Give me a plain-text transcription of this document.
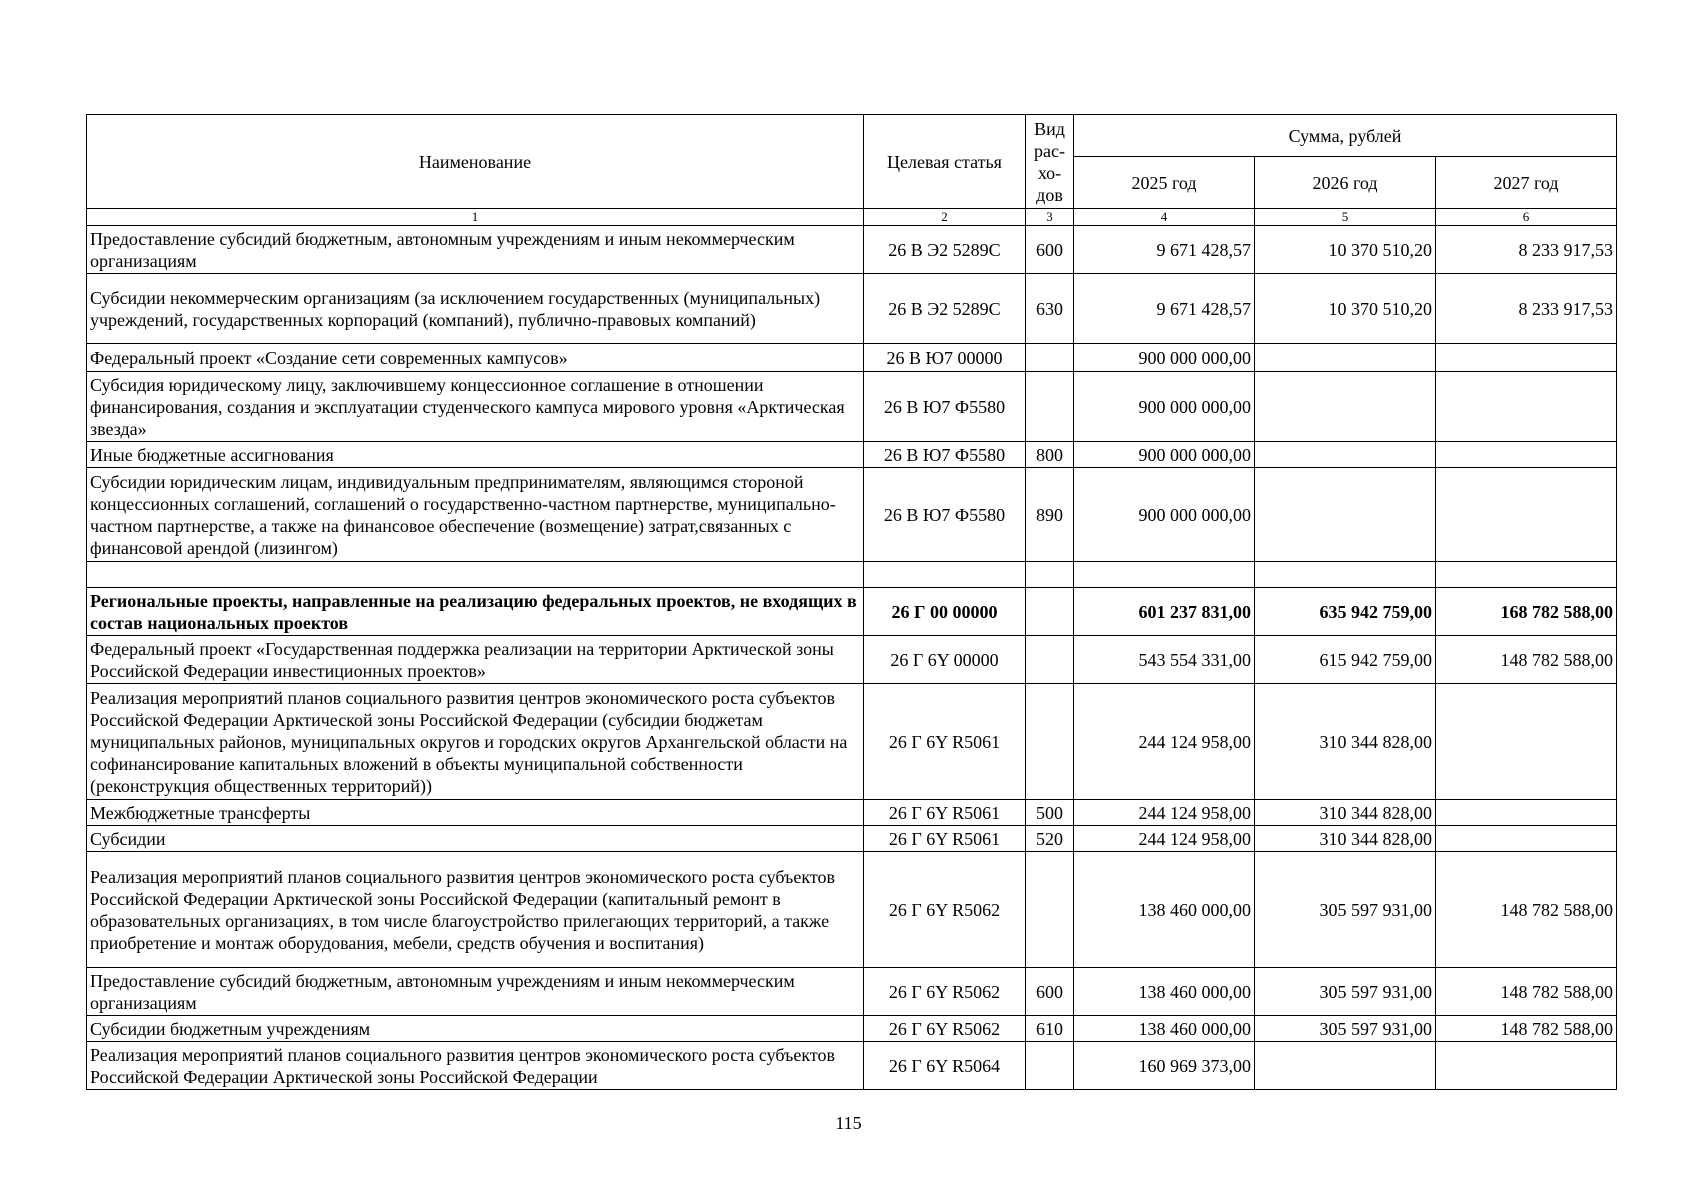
Наименование	Целевая статья	Вид рас-хо-дов	Сумма, рублей		
			2025 год	2026 год	2027 год
1	2	3	4	5	6
Предоставление субсидий бюджетным, автономным учреждениям и иным некоммерческим организациям	26 В Э2 5289С	600	9 671 428,57	10 370 510,20	8 233 917,53
Субсидии некоммерческим организациям (за исключением государственных (муниципальных) учреждений, государственных корпораций (компаний), публично-правовых компаний)	26 В Э2 5289С	630	9 671 428,57	10 370 510,20	8 233 917,53
Федеральный проект «Создание сети современных кампусов»	26 В Ю7 00000		900 000 000,00		
Субсидия юридическому лицу, заключившему концессионное соглашение в отношении финансирования, создания и эксплуатации студенческого кампуса мирового уровня «Арктическая звезда»	26 В Ю7 Ф5580		900 000 000,00		
Иные бюджетные ассигнования	26 В Ю7 Ф5580	800	900 000 000,00		
Субсидии юридическим лицам, индивидуальным предпринимателям, являющимся стороной концессионных соглашений, соглашений о государственно-частном партнерстве, муниципально-частном партнерстве, а также на финансовое обеспечение (возмещение) затрат,связанных с финансовой арендой (лизингом)	26 В Ю7 Ф5580	890	900 000 000,00		

Региональные проекты, направленные на реализацию федеральных проектов, не входящих в состав национальных проектов	26 Г 00 00000		601 237 831,00	635 942 759,00	168 782 588,00
Федеральный проект «Государственная поддержка реализации на территории Арктической зоны Российской Федерации инвестиционных проектов»	26 Г 6Y 00000		543 554 331,00	615 942 759,00	148 782 588,00
Реализация мероприятий планов социального развития центров экономического роста субъектов Российской Федерации Арктической зоны Российской Федерации (субсидии бюджетам муниципальных районов, муниципальных округов и городских округов Архангельской области на софинансирование капитальных вложений в объекты муниципальной собственности (реконструкция общественных территорий))	26 Г 6Y R5061		244 124 958,00	310 344 828,00	
Межбюджетные трансферты	26 Г 6Y R5061	500	244 124 958,00	310 344 828,00	
Субсидии	26 Г 6Y R5061	520	244 124 958,00	310 344 828,00	
Реализация мероприятий планов социального развития центров экономического роста субъектов Российской Федерации Арктической зоны Российской Федерации (капитальный ремонт в образовательных организациях, в том числе благоустройство прилегающих территорий, а также приобретение и монтаж оборудования, мебели, средств обучения и воспитания)	26 Г 6Y R5062		138 460 000,00	305 597 931,00	148 782 588,00
Предоставление субсидий бюджетным, автономным учреждениям и иным некоммерческим организациям	26 Г 6Y R5062	600	138 460 000,00	305 597 931,00	148 782 588,00
Субсидии бюджетным учреждениям	26 Г 6Y R5062	610	138 460 000,00	305 597 931,00	148 782 588,00
Реализация мероприятий планов социального развития центров экономического роста субъектов Российской Федерации Арктической зоны Российской Федерации	26 Г 6Y R5064		160 969 373,00		
115
